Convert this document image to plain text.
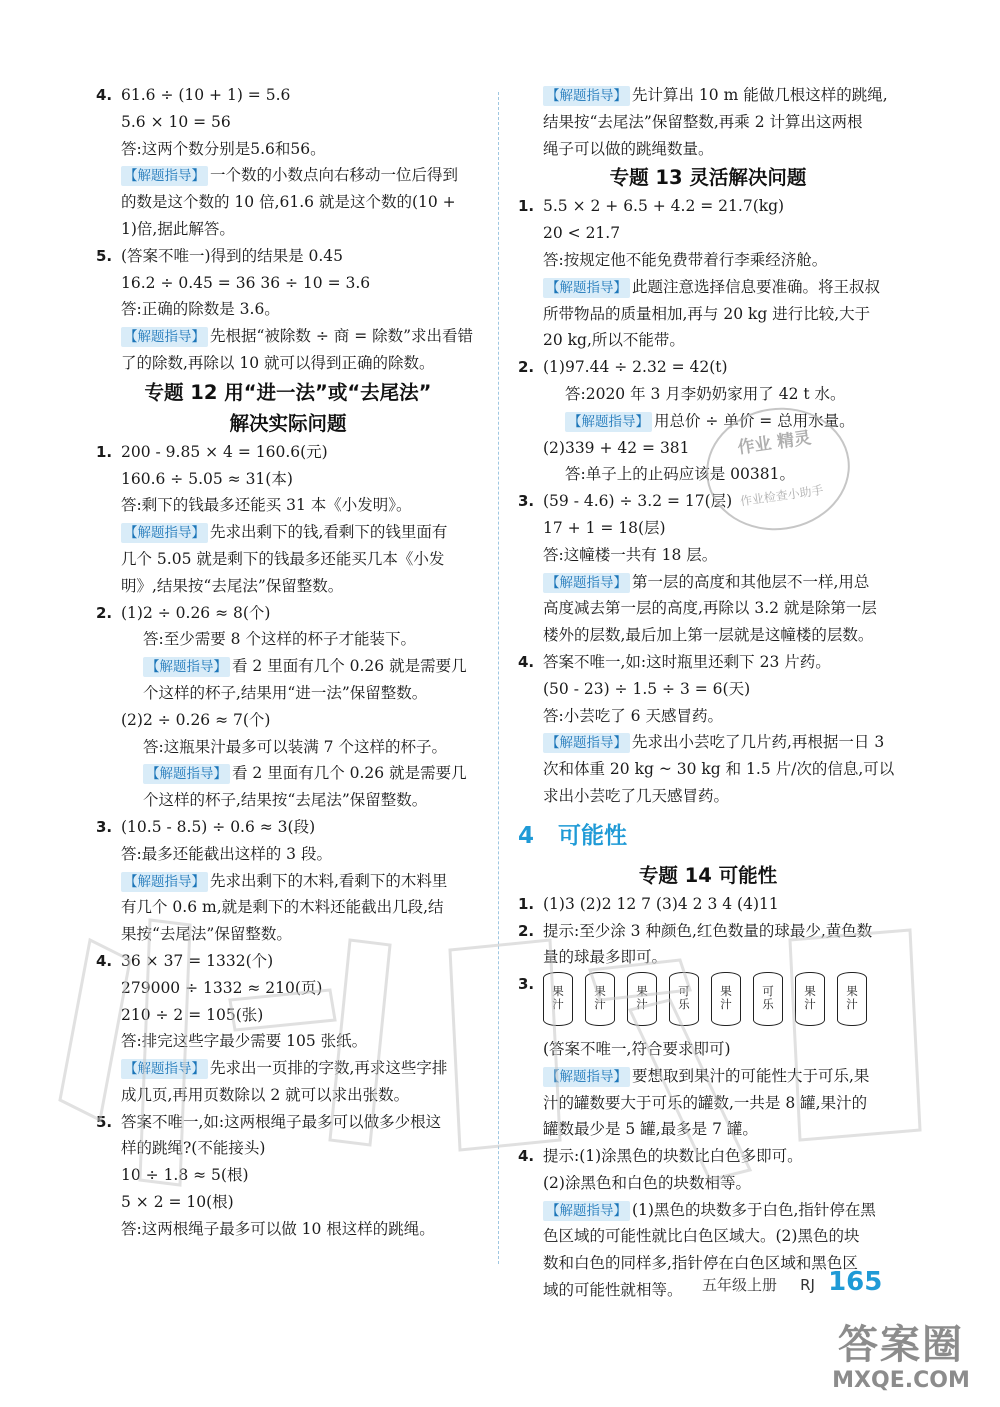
4. 61.6 ÷ (10 + 1) = 5.6
5.6 × 10 = 56
答:这两个数分别是5.6和56。
【解题指导】 一个数的小数点向右移动一位后得到
的数是这个数的 10 倍,61.6 就是这个数的(10 +
1)倍,据此解答。
5. (答案不唯一)得到的结果是 0.45
16.2 ÷ 0.45 = 36 36 ÷ 10 = 3.6
答:正确的除数是 3.6。
【解题指导】 先根据“被除数 ÷ 商 = 除数”求出看错
了的除数,再除以 10 就可以得到正确的除数。
专题 12 用“进一法”或“去尾法”
解决实际问题
1. 200 - 9.85 × 4 = 160.6(元)
160.6 ÷ 5.05 ≈ 31(本)
答:剩下的钱最多还能买 31 本《小发明》。
【解题指导】 先求出剩下的钱,看剩下的钱里面有
几个 5.05 就是剩下的钱最多还能买几本《小发
明》,结果按“去尾法”保留整数。
2. (1)2 ÷ 0.26 ≈ 8(个)
答:至少需要 8 个这样的杯子才能装下。
【解题指导】 看 2 里面有几个 0.26 就是需要几
个这样的杯子,结果用“进一法”保留整数。
(2)2 ÷ 0.26 ≈ 7(个)
答:这瓶果汁最多可以装满 7 个这样的杯子。
【解题指导】 看 2 里面有几个 0.26 就是需要几
个这样的杯子,结果按“去尾法”保留整数。
3. (10.5 - 8.5) ÷ 0.6 ≈ 3(段)
答:最多还能截出这样的 3 段。
【解题指导】 先求出剩下的木料,看剩下的木料里
有几个 0.6 m,就是剩下的木料还能截出几段,结
果按“去尾法”保留整数。
4. 36 × 37 = 1332(个)
279000 ÷ 1332 ≈ 210(页)
210 ÷ 2 = 105(张)
答:排完这些字最少需要 105 张纸。
【解题指导】 先求出一页排的字数,再求这些字排
成几页,再用页数除以 2 就可以求出张数。
5. 答案不唯一,如:这两根绳子最多可以做多少根这
样的跳绳?(不能接头)
10 ÷ 1.8 ≈ 5(根)
5 × 2 = 10(根)
答:这两根绳子最多可以做 10 根这样的跳绳。
【解题指导】 先计算出 10 m 能做几根这样的跳绳,
结果按“去尾法”保留整数,再乘 2 计算出这两根
绳子可以做的跳绳数量。
专题 13 灵活解决问题
1. 5.5 × 2 + 6.5 + 4.2 = 21.7(kg)
20 < 21.7
答:按规定他不能免费带着行李乘经济舱。
【解题指导】 此题注意选择信息要准确。将王叔叔
所带物品的质量相加,再与 20 kg 进行比较,大于
20 kg,所以不能带。
2. (1)97.44 ÷ 2.32 = 42(t)
答:2020 年 3 月李奶奶家用了 42 t 水。
【解题指导】 用总价 ÷ 单价 = 总用水量。
(2)339 + 42 = 381
答:单子上的止码应该是 00381。
3. (59 - 4.6) ÷ 3.2 = 17(层)
17 + 1 = 18(层)
答:这幢楼一共有 18 层。
【解题指导】 第一层的高度和其他层不一样,用总
高度减去第一层的高度,再除以 3.2 就是除第一层
楼外的层数,最后加上第一层就是这幢楼的层数。
4. 答案不唯一,如:这时瓶里还剩下 23 片药。
(50 - 23) ÷ 1.5 ÷ 3 = 6(天)
答:小芸吃了 6 天感冒药。
【解题指导】 先求出小芸吃了几片药,再根据一日 3
次和体重 20 kg ~ 30 kg 和 1.5 片/次的信息,可以
求出小芸吃了几天感冒药。
4 可能性
专题 14 可能性
1. (1)3 (2)2 12 7 (3)4 2 3 4 (4)11
2. 提示:至少涂 3 种颜色,红色数量的球最少,黄色数
量的球最多即可。
3.	果汁
果汁
果汁
可乐
果汁
可乐
果汁
果汁
(答案不唯一,符合要求即可)
【解题指导】 要想取到果汁的可能性大于可乐,果
汁的罐数要大于可乐的罐数,一共是 8 罐,果汁的
罐数最少是 5 罐,最多是 7 罐。
4. 提示:(1)涂黑色的块数比白色多即可。
(2)涂黑色和白色的块数相等。
【解题指导】 (1)黑色的块数多于白色,指针停在黑
色区域的可能性就比白色区域大。(2)黑色的块
数和白色的同样多,指针停在白色区域和黑色区
域的可能性就相等。
作业 精灵
作业检查小助手
五年级上册 RJ 165
答案圈
MXQE.COM
